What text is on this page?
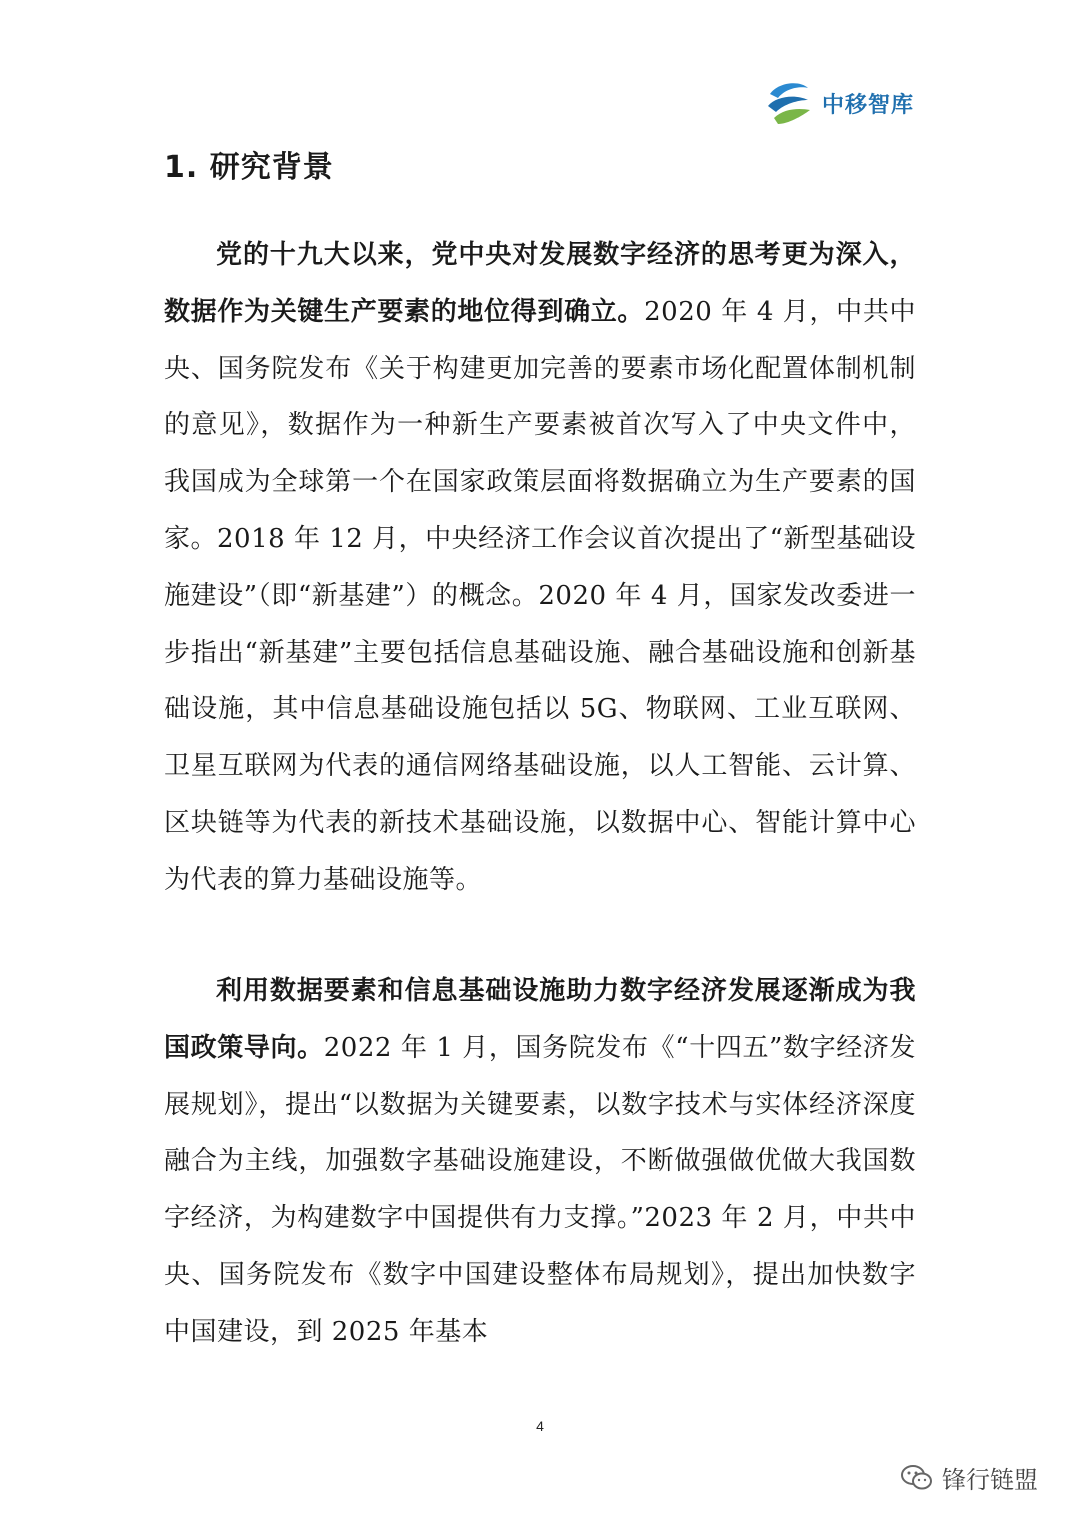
中移智库
1. 研究背景

党的十九大以来，党中央对发展数字经济的思考更为深入，数据作为关键生产要素的地位得到确立。2020 年 4 月，中共中央、国务院发布《关于构建更加完善的要素市场化配置体制机制的意见》，数据作为一种新生产要素被首次写入了中央文件中，我国成为全球第一个在国家政策层面将数据确立为生产要素的国家。2018 年 12 月，中央经济工作会议首次提出了“新型基础设施建设”（即“新基建”）的概念。2020 年 4 月，国家发改委进一步指出“新基建”主要包括信息基础设施、融合基础设施和创新基础设施，其中信息基础设施包括以 5G、物联网、工业互联网、卫星互联网为代表的通信网络基础设施，以人工智能、云计算、区块链等为代表的新技术基础设施，以数据中心、智能计算中心为代表的算力基础设施等。

利用数据要素和信息基础设施助力数字经济发展逐渐成为我国政策导向。2022 年 1 月，国务院发布《“十四五”数字经济发展规划》，提出“以数据为关键要素，以数字技术与实体经济深度融合为主线，加强数字基础设施建设，不断做强做优做大我国数字经济，为构建数字中国提供有力支撑。”2023 年 2 月，中共中央、国务院发布《数字中国建设整体布局规划》，提出加快数字中国建设，到 2025 年基本

4
锋行链盟
